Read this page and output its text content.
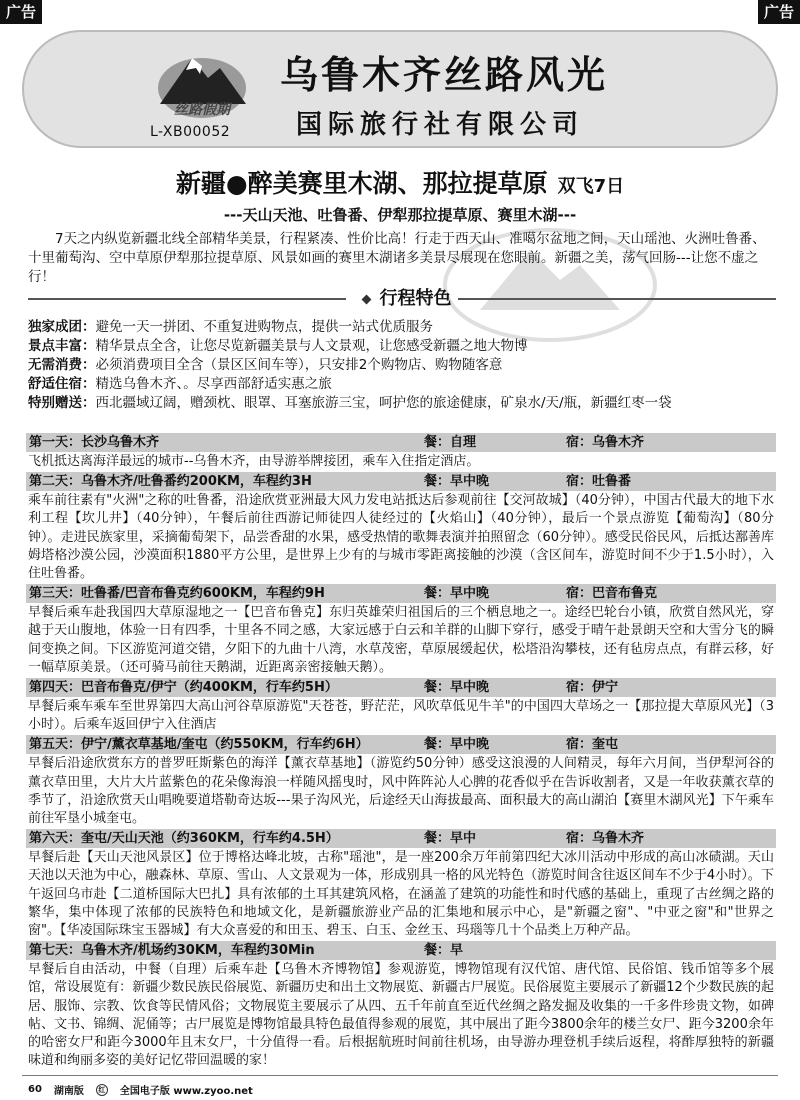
广告	广告
丝路假期
L-XB00052
乌鲁木齐丝路风光
国际旅行社有限公司
新疆●醉美赛里木湖、那拉提草原 双飞7日
---天山天池、吐鲁番、伊犁那拉提草原、赛里木湖---
7天之内纵览新疆北线全部精华美景，行程紧凑、性价比高！行走于西天山、准噶尔盆地之间，天山瑶池、火洲吐鲁番、十里葡萄沟、空中草原伊犁那拉提草原、风景如画的赛里木湖诸多美景尽展现在您眼前。新疆之美，荡气回肠---让您不虚之行！
行程特色
独家成团：避免一天一拼团、不重复进购物点，提供一站式优质服务
景点丰富：精华景点全含，让您尽览新疆美景与人文景观，让您感受新疆之地大物博
无需消费：必须消费项目全含（景区区间车等），只安排2个购物店、购物随客意
舒适住宿：精选乌鲁木齐、。尽享西部舒适实惠之旅
特别赠送：西北疆域辽阔，赠颈枕、眼罩、耳塞旅游三宝，呵护您的旅途健康，矿泉水/天/瓶，新疆红枣一袋
第一天：长沙乌鲁木齐	餐：自理	宿：乌鲁木齐
飞机抵达离海洋最远的城市--乌鲁木齐，由导游举牌接团，乘车入住指定酒店。
第二天：乌鲁木齐/吐鲁番约200KM，车程约3H	餐：早中晚	宿：吐鲁番
乘车前往素有"火洲"之称的吐鲁番，沿途欣赏亚洲最大风力发电站抵达后参观前往【交河故城】（40分钟），中国古代最大的地下水利工程【坎儿井】（40分钟），午餐后前往西游记师徒四人徒经过的【火焰山】（40分钟），最后一个景点游览【葡萄沟】（80分钟）。走进民族家里，采摘葡萄架下，品尝香甜的水果，感受热情的歌舞表演并拍照留念（60分钟）。感受民俗民风，后抵达鄯善库姆塔格沙漠公园，沙漠面积1880平方公里，是世界上少有的与城市零距离接触的沙漠（含区间车，游览时间不少于1.5小时），入住吐鲁番。
第三天：吐鲁番/巴音布鲁克约600KM，车程约9H	餐：早中晚	宿：巴音布鲁克
早餐后乘车赴我国四大草原湿地之一【巴音布鲁克】东归英雄荣归祖国后的三个栖息地之一。途经巴轮台小镇，欣赏自然风光，穿越于天山腹地，体验一日有四季，十里各不同之感，大家远感于白云和羊群的山脚下穿行，感受于晴午赴景朗天空和大雪分飞的瞬间变换之间。下区游览河道交错，夕阳下的九曲十八湾，水草茂密，草原展缓起伏，松塔沿沟攀枝，还有毡房点点，有群云移，好一幅草原美景。（还可骑马前往天鹅湖，近距离亲密接触天鹅）。
第四天：巴音布鲁克/伊宁（约400KM，行车约5H）	餐：早中晚	宿：伊宁
早餐后乘车乘车至世界第四大高山河谷草原游览"天苍苍，野茫茫，风吹草低见牛羊"的中国四大草场之一【那拉提大草原风光】（3小时）。后乘车返回伊宁入住酒店
第五天：伊宁/薰衣草基地/奎屯（约550KM，行车约6H）	餐：早中晚	宿：奎屯
早餐后沿途欣赏东方的普罗旺斯紫色的海洋【薰衣草基地】（游览约50分钟）感受这浪漫的人间精灵，每年六月间，当伊犁河谷的薰衣草田里，大片大片蓝紫色的花朵像海浪一样随风摇曳时，风中阵阵沁人心脾的花香似乎在告诉收割者，又是一年收获薰衣草的季节了，沿途欣赏天山唱晚要道塔勒奇达坂---果子沟风光，后途经天山海拔最高、面积最大的高山湖泊【赛里木湖风光】下午乘车前往军垦小城奎屯。
第六天：奎屯/天山天池（约360KM，行车约4.5H）	餐：早中	宿：乌鲁木齐
早餐后赴【天山天池风景区】位于博格达峰北坡，古称"瑶池"，是一座200余万年前第四纪大冰川活动中形成的高山冰碛湖。天山天池以天池为中心，融森林、草原、雪山、人文景观为一体，形成别具一格的风光特色（游览时间含往返区间车不少于4小时）。下午返回乌市赴【二道桥国际大巴扎】具有浓郁的土耳其建筑风格，在涵盖了建筑的功能性和时代感的基础上，重现了古丝绸之路的繁华，集中体现了浓郁的民族特色和地域文化，是新疆旅游业产品的汇集地和展示中心，是"新疆之窗"、"中亚之窗"和"世界之窗"。【华凌国际珠宝玉器城】有大众喜爱的和田玉、碧玉、白玉、金丝玉、玛瑙等几十个品类上万种产品。
第七天：乌鲁木齐/机场约30KM，车程约30Min	餐：早
早餐后自由活动，中餐（自理）后乘车赴【乌鲁木齐博物馆】参观游览，博物馆现有汉代馆、唐代馆、民俗馆、钱币馆等多个展馆，常设展览有：新疆少数民族民俗展览、新疆历史和出土文物展览、新疆古尸展览。民俗展览主要展示了新疆12个少数民族的起居、服饰、宗教、饮食等民情风俗；文物展览主要展示了从四、五千年前直至近代丝绸之路发掘及收集的一千多件珍贵文物，如碑帖、文书、锦绸、泥俑等；古尸展览是博物馆最具特色最值得参观的展览，其中展出了距今3800余年的楼兰女尸、距今3200余年的哈密女尸和距今3000年且末女尸，十分值得一看。后根据航班时间前往机场，由导游办理登机手续后返程，将酢厚独特的新疆味道和绚丽多姿的美好记忆带回温暖的家！
60 湖南版	红 全国电子版 www.zyoo.net
